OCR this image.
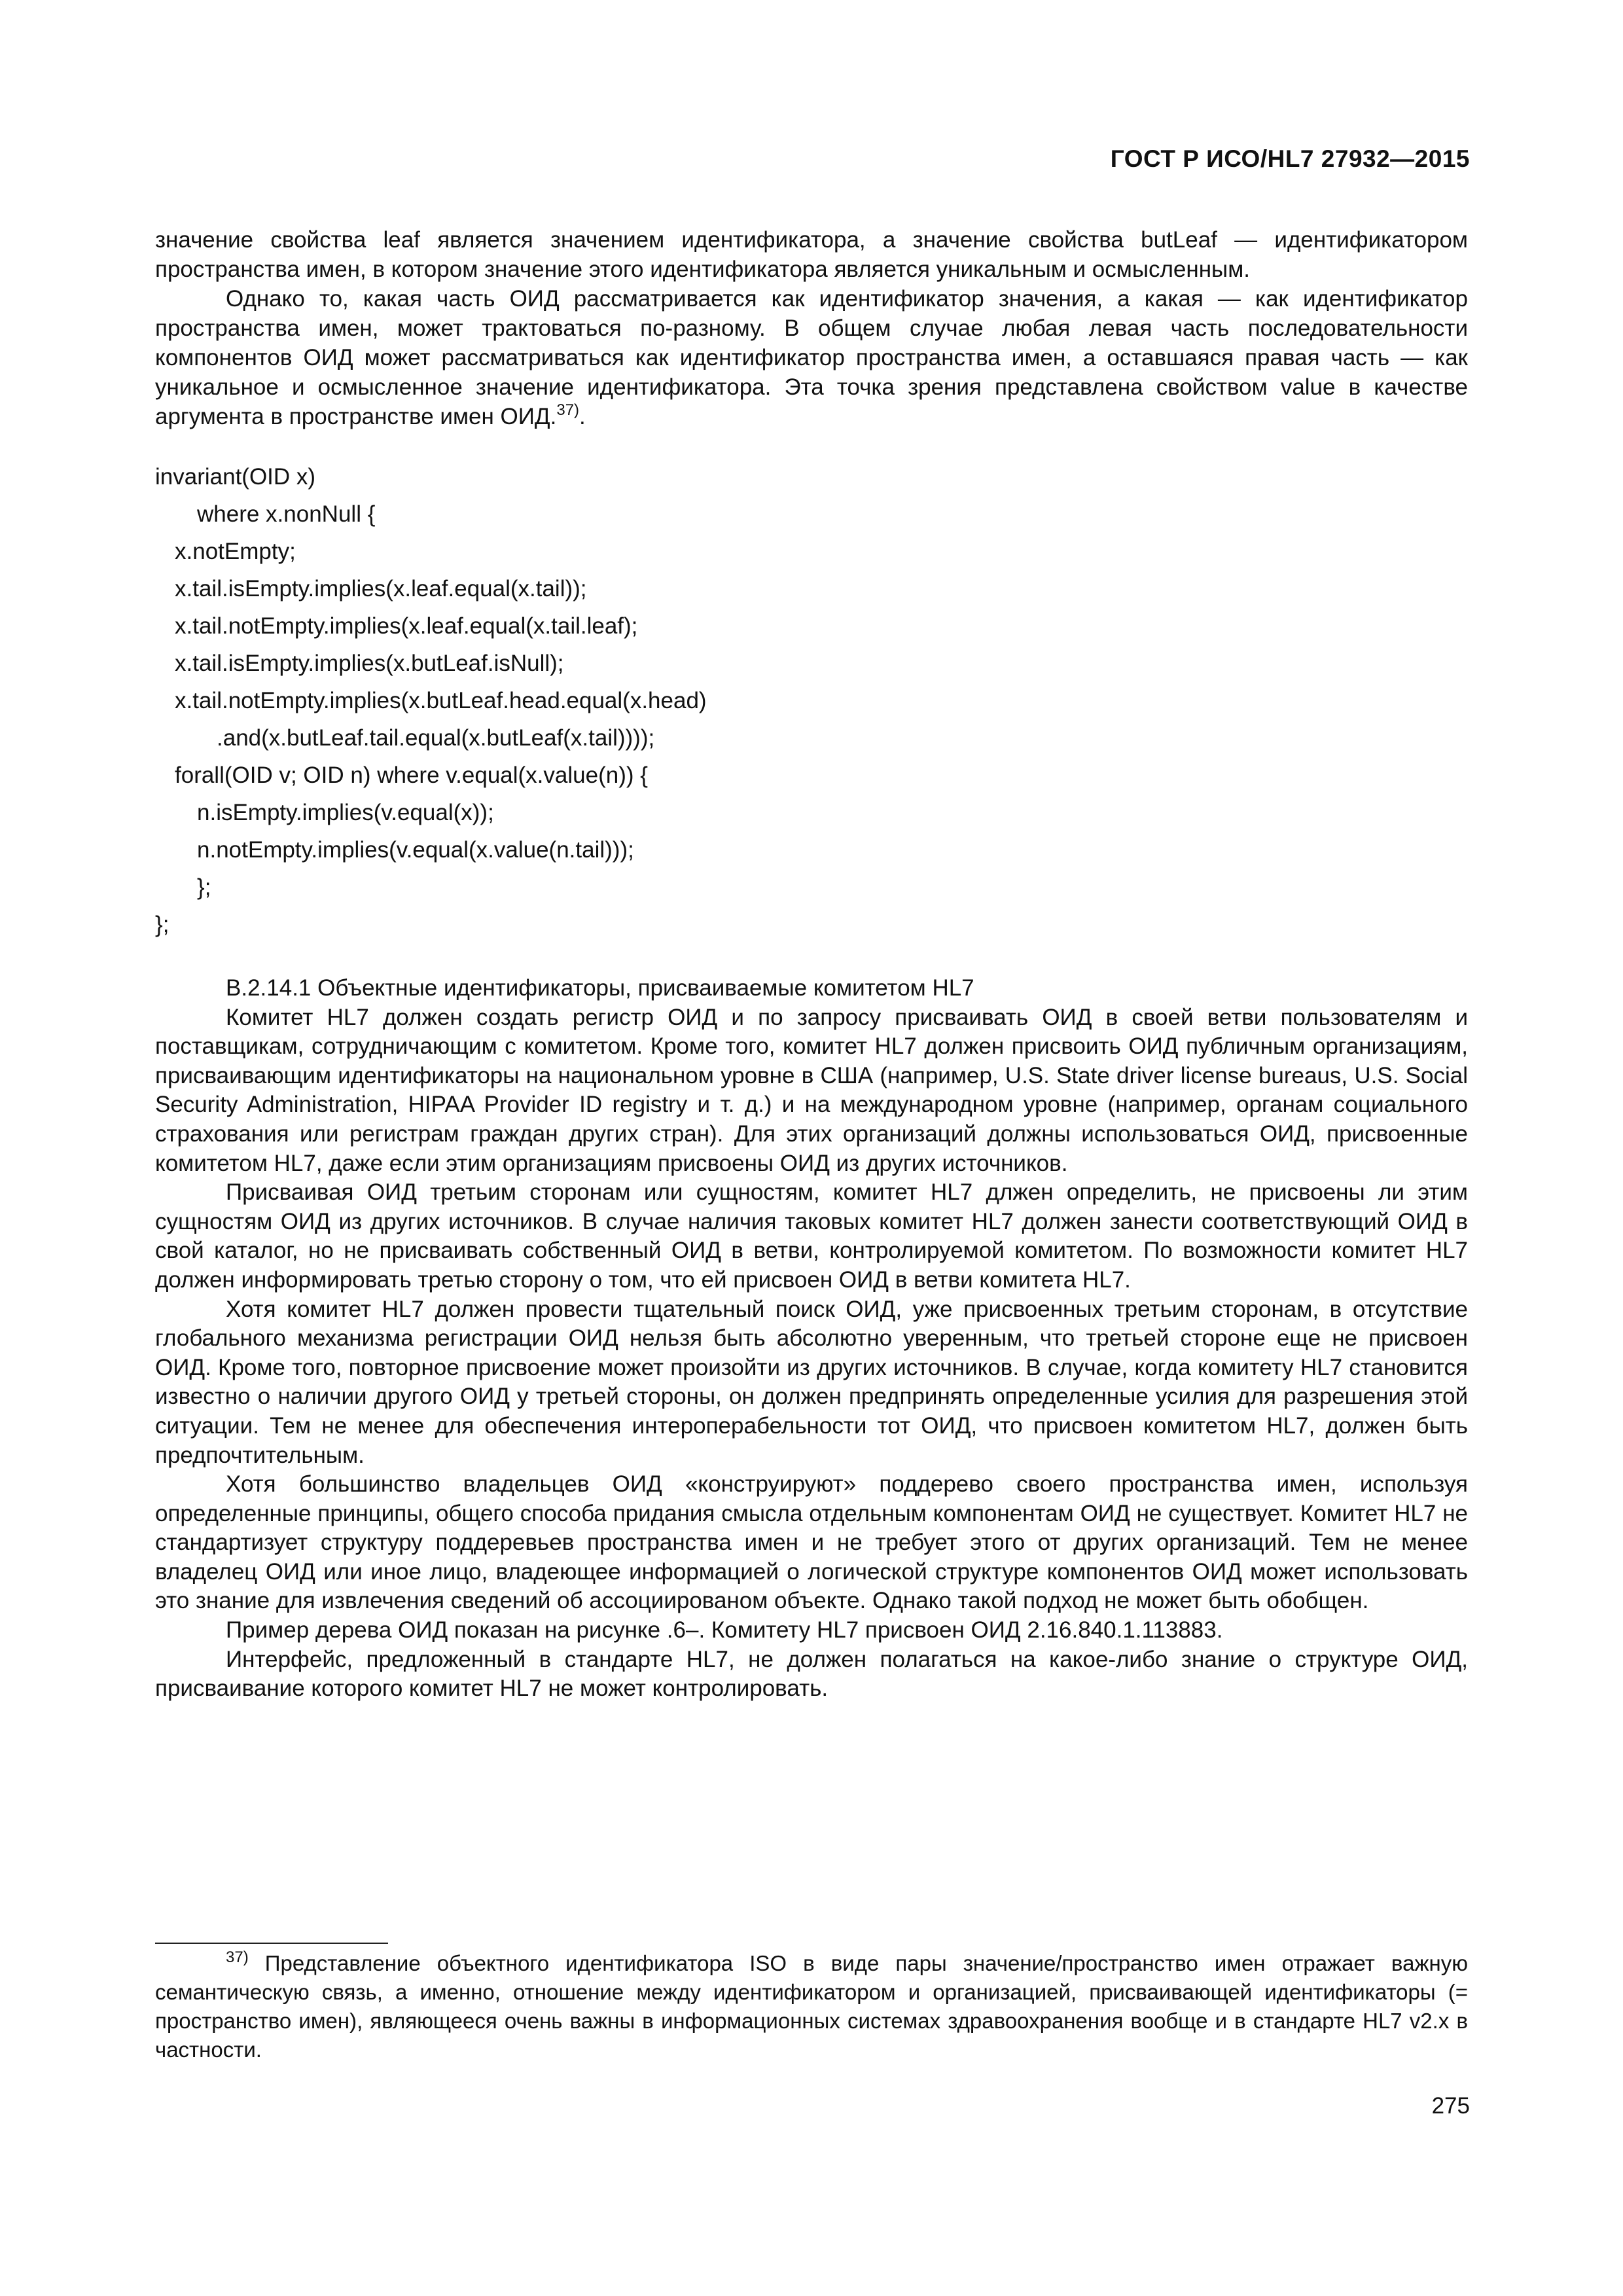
ГОСТ Р ИСО/HL7 27932—2015

значение свойства leaf является значением идентификатора, а значение свойства butLeaf — идентификатором пространства имен, в котором значение этого идентификатора является уникальным и осмысленным.

Однако то, какая часть ОИД рассматривается как идентификатор значения, а какая — как идентификатор пространства имен, может трактоваться по-разному. В общем случае любая левая часть последовательности компонентов ОИД может рассматриваться как идентификатор пространства имен, а оставшаяся правая часть — как уникальное и осмысленное значение идентификатора. Эта точка зрения представлена свойством value в качестве аргумента в пространстве имен ОИД.$^{37)}$.

invariant(OID x)
where x.nonNull {
x.notEmpty;
x.tail.isEmpty.implies(x.leaf.equal(x.tail));
x.tail.notEmpty.implies(x.leaf.equal(x.tail.leaf);
x.tail.isEmpty.implies(x.butLeaf.isNull);
x.tail.notEmpty.implies(x.butLeaf.head.equal(x.head)
.and(x.butLeaf.tail.equal(x.butLeaf(x.tail))));
forall(OID v; OID n) where v.equal(x.value(n)) {
n.isEmpty.implies(v.equal(x));
n.notEmpty.implies(v.equal(x.value(n.tail)));
};
};

B.2.14.1 Объектные идентификаторы, присваиваемые комитетом HL7

Комитет HL7 должен создать регистр ОИД и по запросу присваивать ОИД в своей ветви пользователям и поставщикам, сотрудничающим с комитетом. Кроме того, комитет HL7 должен присвоить ОИД публичным организациям, присваивающим идентификаторы на национальном уровне в США (например, U.S. State driver license bureaus, U.S. Social Security Administration, HIPAA Provider ID registry и т. д.) и на международном уровне (например, органам социального страхования или регистрам граждан других стран). Для этих организаций должны использоваться ОИД, присвоенные комитетом HL7, даже если этим организациям присвоены ОИД из других источников.

Присваивая ОИД третьим сторонам или сущностям, комитет HL7 длжен определить, не присвоены ли этим сущностям ОИД из других источников. В случае наличия таковых комитет HL7 должен занести соответствующий ОИД в свой каталог, но не присваивать собственный ОИД в ветви, контролируемой комитетом. По возможности комитет HL7 должен информировать третью сторону о том, что ей присвоен ОИД в ветви комитета HL7.

Хотя комитет HL7 должен провести тщательный поиск ОИД, уже присвоенных третьим сторонам, в отсутствие глобального механизма регистрации ОИД нельзя быть абсолютно уверенным, что третьей стороне еще не присвоен ОИД. Кроме того, повторное присвоение может произойти из других источников. В случае, когда комитету HL7 становится известно о наличии другого ОИД у третьей стороны, он должен предпринять определенные усилия для разрешения этой ситуации. Тем не менее для обеспечения интероперабельности тот ОИД, что присвоен комитетом HL7, должен быть предпочтительным.

Хотя большинство владельцев ОИД «конструируют» поддерево своего пространства имен, используя определенные принципы, общего способа придания смысла отдельным компонентам ОИД не существует. Комитет HL7 не стандартизует структуру поддеревьев пространства имен и не требует этого от других организаций. Тем не менее владелец ОИД или иное лицо, владеющее информацией о логической структуре компонентов ОИД может использовать это знание для извлечения сведений об ассоциированом объекте. Однако такой подход не может быть обобщен.

Пример дерева ОИД показан на рисунке .6–. Комитету HL7 присвоен ОИД 2.16.840.1.113883.

Интерфейс, предложенный в стандарте HL7, не должен полагаться на какое-либо знание о структуре ОИД, присваивание которого комитет HL7 не может контролировать.

$^{37)}$ Представление объектного идентификатора ISO в виде пары значение/пространство имен отражает важную семантическую связь, а именно, отношение между идентификатором и организацией, присваивающей идентификаторы (= пространство имен), являющееся очень важны в информационных системах здравоохранения вообще и в стандарте HL7 v2.x в частности.
275
